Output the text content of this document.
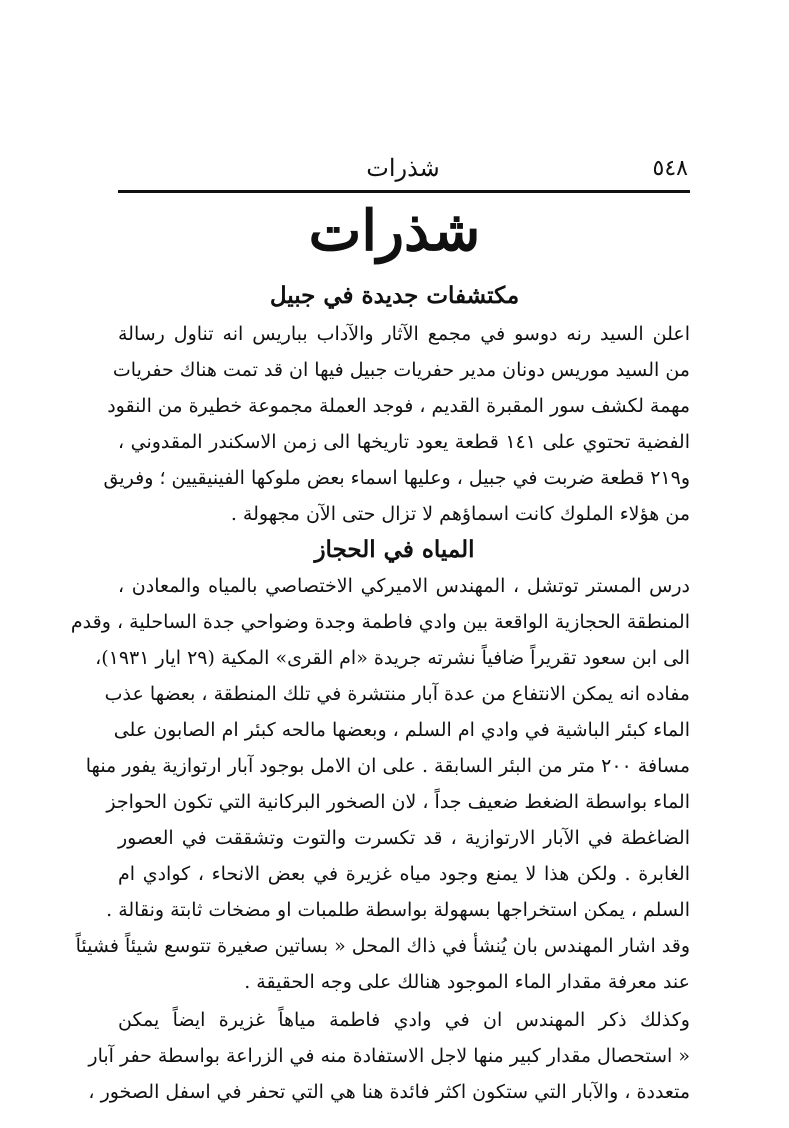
٥٤٨
شذرات
شذرات
مكتشفات جديدة في جبيل
اعلن السيد رنه دوسو في مجمع الآثار والآداب بباريس انه تناول رسالة
من السيد موريس دونان مدير حفريات جبيل فيها ان قد تمت هناك حفريات
مهمة لكشف سور المقبرة القديم ، فوجد العملة مجموعة خطيرة من النقود
الفضية تحتوي على ١٤١ قطعة يعود تاريخها الى زمن الاسكندر المقدوني ،
و٢١٩ قطعة ضربت في جبيل ، وعليها اسماء بعض ملوكها الفينيقيين ؛ وفريق
من هؤلاء الملوك كانت اسماؤهم لا تزال حتى الآن مجهولة .
المياه في الحجاز
درس المستر توتشل ، المهندس الاميركي الاختصاصي بالمياه والمعادن ،
المنطقة الحجازية الواقعة بين وادي فاطمة وجدة وضواحي جدة الساحلية ، وقدم
الى ابن سعود تقريراً ضافياً نشرته جريدة «ام القرى» المكية (٢٩ ايار ١٩٣١)،
مفاده انه يمكن الانتفاع من عدة آبار منتشرة في تلك المنطقة ، بعضها عذب
الماء كبئر الباشية في وادي ام السلم ، وبعضها مالحه كبئر ام الصابون على
مسافة ٢٠٠ متر من البئر السابقة . على ان الامل بوجود آبار ارتوازية يفور منها
الماء بواسطة الضغط ضعيف جداً ، لان الصخور البركانية التي تكون الحواجز
الضاغطة في الآبار الارتوازية ، قد تكسرت والتوت وتشققت في العصور
الغابرة . ولكن هذا لا يمنع وجود مياه غزيرة في بعض الانحاء ، كوادي ام
السلم ، يمكن استخراجها بسهولة بواسطة طلمبات او مضخات ثابتة ونقالة .
وقد اشار المهندس بان يُنشأ في ذاك المحل « بساتين صغيرة تتوسع شيئاً فشيئاً
عند معرفة مقدار الماء الموجود هنالك على وجه الحقيقة .
وكذلك ذكر المهندس ان في وادي فاطمة مياهاً غزيرة ايضاً يمكن
« استحصال مقدار كبير منها لاجل الاستفادة منه في الزراعة بواسطة حفر آبار
متعددة ، والآبار التي ستكون اكثر فائدة هنا هي التي تحفر في اسفل الصخور ،
